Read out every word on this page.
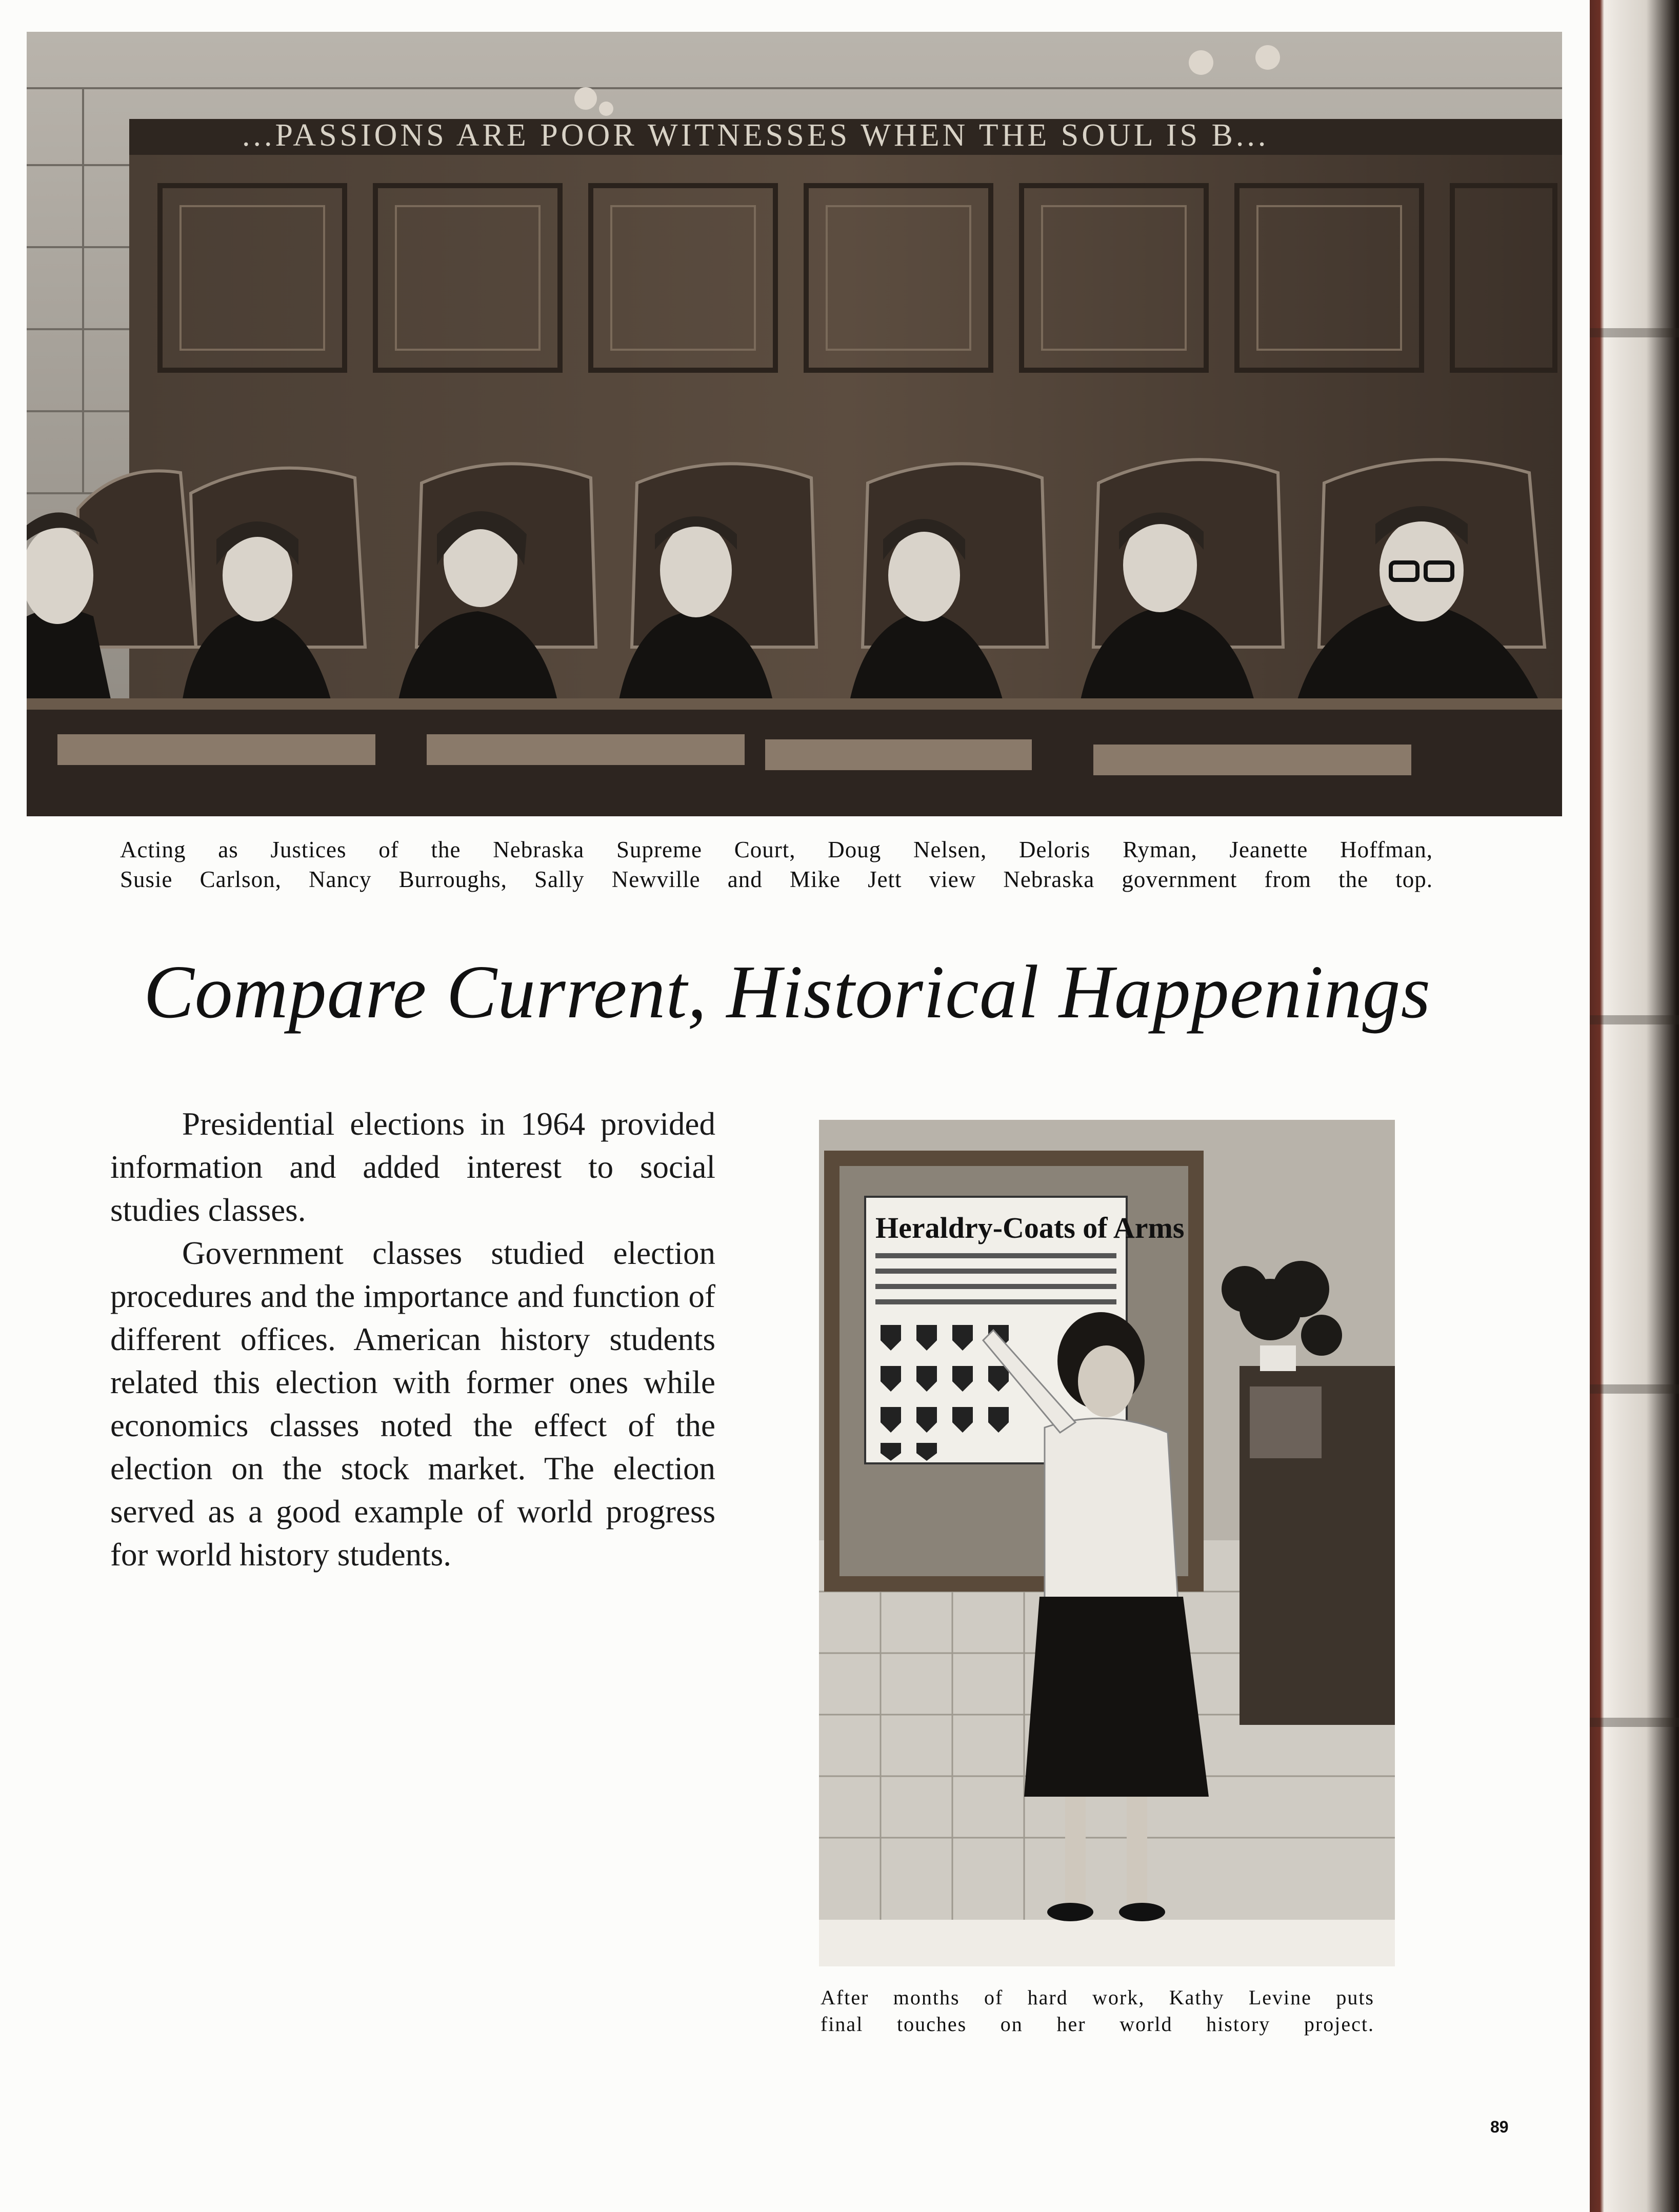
...PASSIONS ARE POOR WITNESSES WHEN THE SOUL IS B...
Acting as Justices of the Nebraska Supreme Court, Doug Nelsen, Deloris Ryman, Jeanette Hoffman,
Susie Carlson, Nancy Burroughs, Sally Newville and Mike Jett view Nebraska government from the top.
Compare Current, Historical Happenings

Presidential elections in 1964 provided information and added interest to social studies classes.

Government classes studied election procedures and the importance and function of different offices. American history students related this election with former ones while economics classes noted the effect of the election on the stock market. The election served as a good example of world progress for world history students.

Heraldry-Coats of Arms
After months of hard work, Kathy Levine puts
final touches on her world history project.
89
